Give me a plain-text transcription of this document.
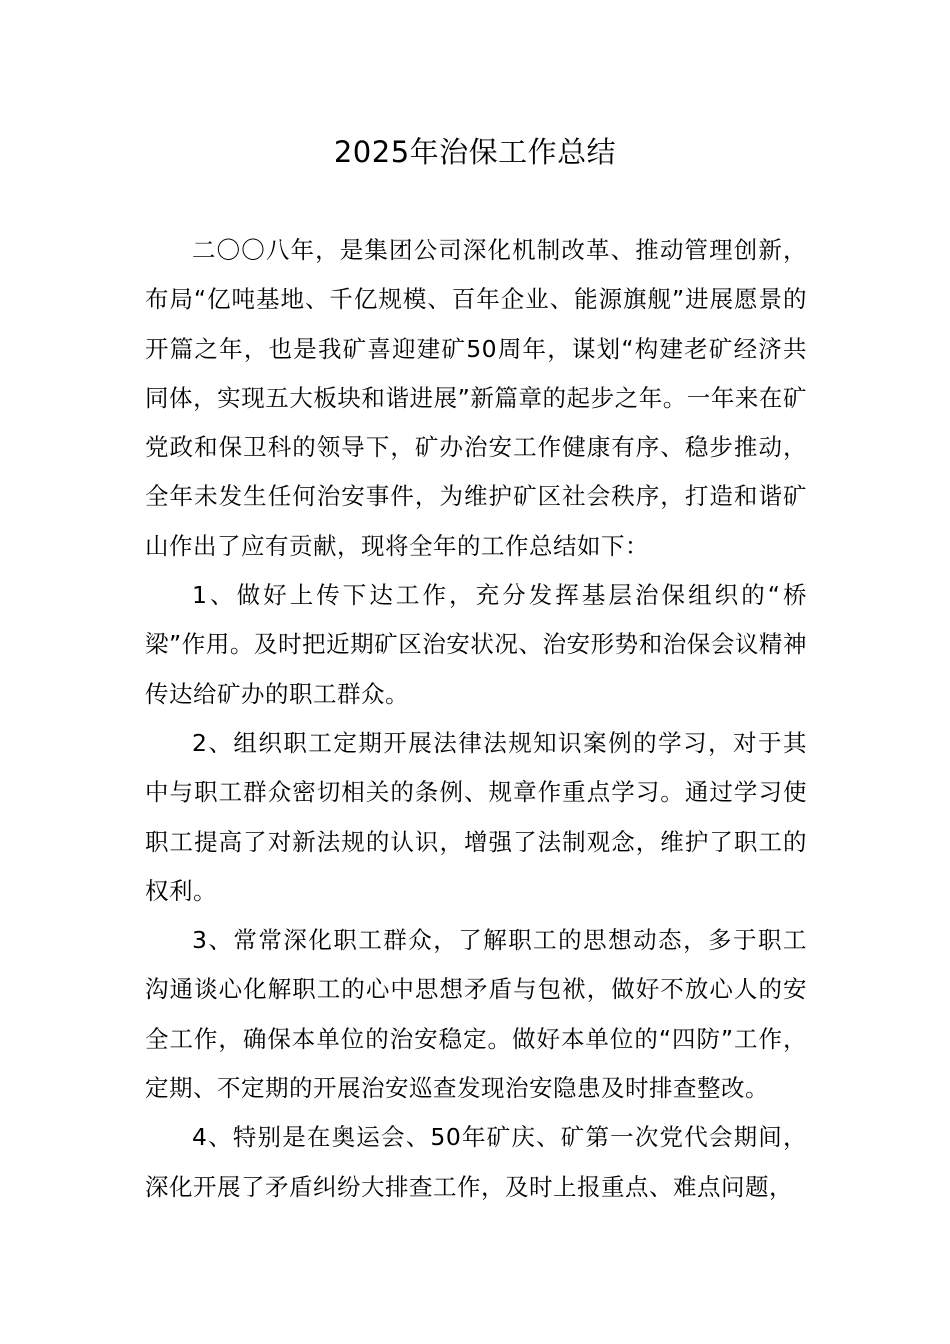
2025年治保工作总结

二〇〇八年，是集团公司深化机制改革、推动管理创新，布局“亿吨基地、千亿规模、百年企业、能源旗舰”进展愿景的开篇之年，也是我矿喜迎建矿50周年，谋划“构建老矿经济共同体，实现五大板块和谐进展”新篇章的起步之年。一年来在矿党政和保卫科的领导下，矿办治安工作健康有序、稳步推动，全年未发生任何治安事件，为维护矿区社会秩序，打造和谐矿山作出了应有贡献，现将全年的工作总结如下：

1、做好上传下达工作，充分发挥基层治保组织的“桥梁”作用。及时把近期矿区治安状况、治安形势和治保会议精神传达给矿办的职工群众。

2、组织职工定期开展法律法规知识案例的学习，对于其中与职工群众密切相关的条例、规章作重点学习。通过学习使职工提高了对新法规的认识，增强了法制观念，维护了职工的权利。

3、常常深化职工群众，了解职工的思想动态，多于职工沟通谈心化解职工的心中思想矛盾与包袱，做好不放心人的安全工作，确保本单位的治安稳定。做好本单位的“四防”工作，定期、不定期的开展治安巡查发现治安隐患及时排查整改。

4、特别是在奥运会、50年矿庆、矿第一次党代会期间，深化开展了矛盾纠纷大排查工作，及时上报重点、难点问题，
